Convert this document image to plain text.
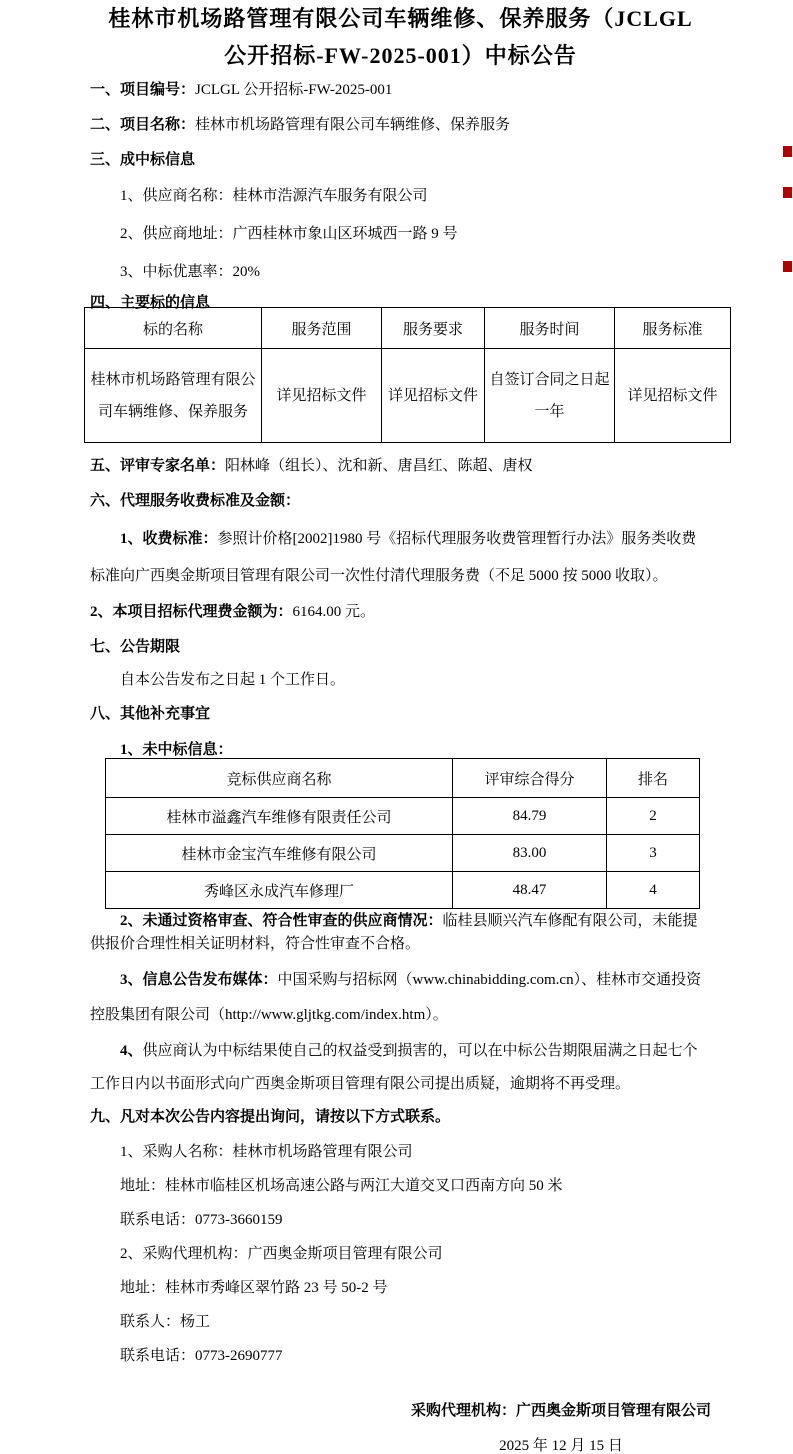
桂林市机场路管理有限公司车辆维修、保养服务（JCLGL
公开招标-FW-2025-001）中标公告

一、项目编号：JCLGL 公开招标-FW-2025-001

二、项目名称：桂林市机场路管理有限公司车辆维修、保养服务

三、成中标信息

1、供应商名称：桂林市浩源汽车服务有限公司

2、供应商地址：广西桂林市象山区环城西一路 9 号

3、中标优惠率：20%

四、主要标的信息

标的名称	服务范围	服务要求	服务时间	服务标准
桂林市机场路管理有限公司车辆维修、保养服务	详见招标文件	详见招标文件	自签订合同之日起一年	详见招标文件

五、评审专家名单：阳林峰（组长）、沈和新、唐昌红、陈超、唐权

六、代理服务收费标准及金额：

1、收费标准：参照计价格[2002]1980 号《招标代理服务收费管理暂行办法》服务类收费标准向广西奥金斯项目管理有限公司一次性付清代理服务费（不足 5000 按 5000 收取）。

2、本项目招标代理费金额为：6164.00 元。

七、公告期限

自本公告发布之日起 1 个工作日。

八、其他补充事宜

1、未中标信息：

竞标供应商名称	评审综合得分	排名
桂林市溢鑫汽车维修有限责任公司	84.79	2
桂林市金宝汽车维修有限公司	83.00	3
秀峰区永成汽车修理厂	48.47	4

2、未通过资格审查、符合性审查的供应商情况：临桂县顺兴汽车修配有限公司，未能提供报价合理性相关证明材料，符合性审查不合格。

3、信息公告发布媒体：中国采购与招标网（www.chinabidding.com.cn）、桂林市交通投资控股集团有限公司（http://www.gljtkg.com/index.htm）。

4、供应商认为中标结果使自己的权益受到损害的，可以在中标公告期限届满之日起七个工作日内以书面形式向广西奥金斯项目管理有限公司提出质疑，逾期将不再受理。

九、凡对本次公告内容提出询问，请按以下方式联系。

1、采购人名称：桂林市机场路管理有限公司

地址：桂林市临桂区机场高速公路与两江大道交叉口西南方向 50 米

联系电话：0773-3660159

2、采购代理机构：广西奥金斯项目管理有限公司

地址：桂林市秀峰区翠竹路 23 号 50-2 号

联系人：杨工

联系电话：0773-2690777

采购代理机构：广西奥金斯项目管理有限公司

2025 年 12 月 15 日
